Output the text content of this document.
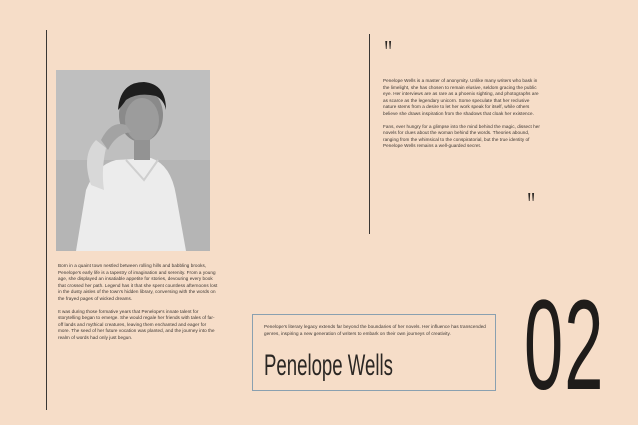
Born in a quaint town nestled between rolling hills and babbling brooks, Penelope's early life is a tapestry of imagination and serenity. From a young age, she displayed an insatiable appetite for stories, devouring every book that crossed her path. Legend has it that she spent countless afternoons lost in the dusty aisles of the town's hidden library, conversing with the words on the frayed pages of wicked dreams.

It was during those formative years that Penelope's innate talent for storytelling began to emerge. She would regale her friends with tales of far-off lands and mythical creatures, leaving them enchanted and eager for more. The seed of her future vocation was planted, and the journey into the realm of words had only just begun.

"

Penelope Wells is a master of anonymity. Unlike many writers who bask in the limelight, she has chosen to remain elusive, seldom gracing the public eye. Her interviews are as rare as a phoenix sighting, and photographs are as scarce as the legendary unicorn. Some speculate that her reclusive nature stems from a desire to let her work speak for itself, while others believe she draws inspiration from the shadows that cloak her existence.

Fans, ever hungry for a glimpse into the mind behind the magic, dissect her novels for clues about the woman behind the words. Theories abound, ranging from the whimsical to the conspiratorial, but the true identity of Penelope Wells remains a well-guarded secret.

"
Penelope's literary legacy extends far beyond the boundaries of her novels. Her influence has transcended genres, inspiring a new generation of writers to embark on their own journeys of creativity.
Penelope Wells 02
